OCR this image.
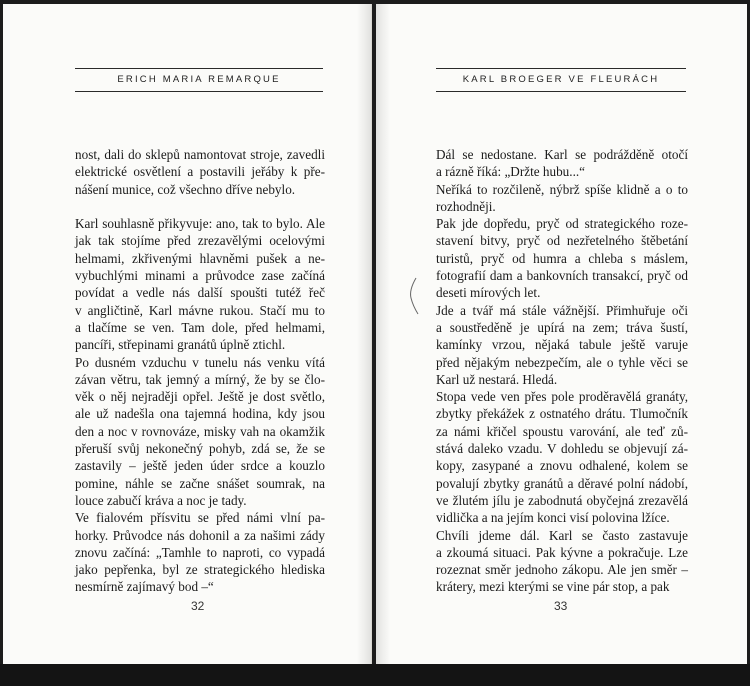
ERICH MARIA REMARQUE

nost, dali do sklepů namontovat stroje, zavedli
elektrické osvětlení a postavili jeřáby k pře-
nášení munice, což všechno dříve nebylo.

Karl souhlasně přikyvuje: ano, tak to bylo. Ale
jak tak stojíme před zrezavělými ocelovými
helmami, zkřivenými hlavněmi pušek a ne-
vybuchlými minami a průvodce zase začíná
povídat a vedle nás další spoušti tutéž řeč
v angličtině, Karl mávne rukou. Stačí mu to
a tlačíme se ven. Tam dole, před helmami,
pancíři, střepinami granátů úplně ztichl.

Po dusném vzduchu v tunelu nás venku vítá
závan větru, tak jemný a mírný, že by se člo-
věk o něj nejraději opřel. Ještě je dost světlo,
ale už nadešla ona tajemná hodina, kdy jsou
den a noc v rovnováze, misky vah na okamžik
přeruší svůj nekonečný pohyb, zdá se, že se
zastavily – ještě jeden úder srdce a kouzlo
pomine, náhle se začne snášet soumrak, na
louce zabučí kráva a noc je tady.

Ve fialovém přísvitu se před námi vlní pa-
horky. Průvodce nás dohonil a za našimi zády
znovu začíná: „Tamhle to naproti, co vypadá
jako pepřenka, byl ze strategického hlediska
nesmírně zajímavý bod –“

32
KARL BROEGER VE FLEURÁCH

Dál se nedostane. Karl se podrážděně otočí
a rázně říká: „Držte hubu...“

Neříká to rozčileně, nýbrž spíše klidně a o to
rozhodněji.

Pak jde dopředu, pryč od strategického roze-
stavení bitvy, pryč od nezřetelného štěbetání
turistů, pryč od humra a chleba s máslem,
fotografií dam a bankovních transakcí, pryč od
deseti mírových let.

Jde a tvář má stále vážnější. Přimhuřuje oči
a soustředěně je upírá na zem; tráva šustí,
kamínky vrzou, nějaká tabule ještě varuje
před nějakým nebezpečím, ale o tyhle věci se
Karl už nestará. Hledá.

Stopa vede ven přes pole proděravělá granáty,
zbytky překážek z ostnatého drátu. Tlumočník
za námi křičel spoustu varování, ale teď zů-
stává daleko vzadu. V dohledu se objevují zá-
kopy, zasypané a znovu odhalené, kolem se
povalují zbytky granátů a děravé polní nádobí,
ve žlutém jílu je zabodnutá obyčejná zrezavělá
vidlička a na jejím konci visí polovina lžíce.

Chvíli jdeme dál. Karl se často zastavuje
a zkoumá situaci. Pak kývne a pokračuje. Lze
rozeznat směr jednoho zákopu. Ale jen směr –
krátery, mezi kterými se vine pár stop, a pak

33
